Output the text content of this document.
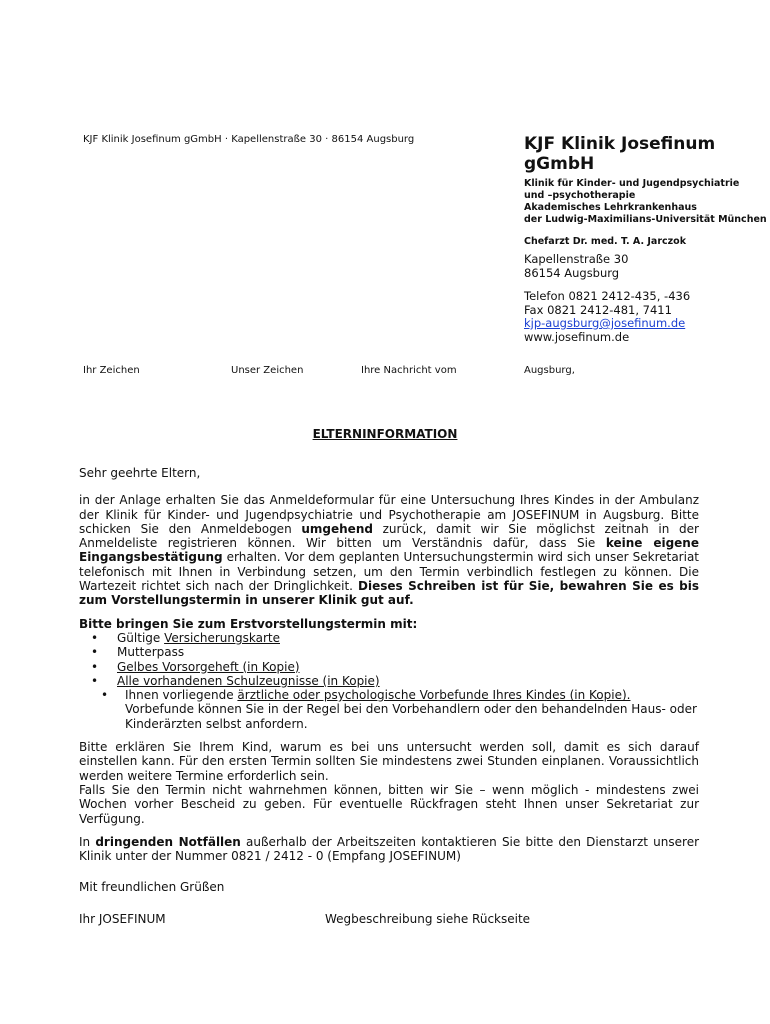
KJF Klinik Josefinum gGmbH · Kapellenstraße 30 · 86154 Augsburg	KJF Klinik Josefinum
gGmbH
Klinik für Kinder- und Jugendpsychiatrie
und –psychotherapie
Akademisches Lehrkrankenhaus
der Ludwig-Maximilians-Universität München
Chefarzt Dr. med. T. A. Jarczok
Kapellenstraße 30
86154 Augsburg
Telefon 0821 2412-435, -436
Fax 0821 2412-481, 7411
kjp-augsburg@josefinum.de
www.josefinum.de
Ihr Zeichen	Unser Zeichen	Ihre Nachricht vom	Augsburg,
ELTERNINFORMATION

Sehr geehrte Eltern,

in der Anlage erhalten Sie das Anmeldeformular für eine Untersuchung Ihres Kindes in der Ambulanz der Klinik für Kinder- und Jugendpsychiatrie und Psychotherapie am JOSEFINUM in Augsburg. Bitte schicken Sie den Anmeldebogen umgehend zurück, damit wir Sie möglichst zeitnah in der Anmeldeliste registrieren können. Wir bitten um Verständnis dafür, dass Sie keine eigene Eingangsbestätigung erhalten. Vor dem geplanten Untersuchungstermin wird sich unser Sekretariat telefonisch mit Ihnen in Verbindung setzen, um den Termin verbindlich festlegen zu können. Die Wartezeit richtet sich nach der Dringlichkeit. Dieses Schreiben ist für Sie, bewahren Sie es bis zum Vorstellungstermin in unserer Klinik gut auf.

Bitte bringen Sie zum Erstvorstellungstermin mit:

• Gültige Versicherungskarte
• Mutterpass
• Gelbes Vorsorgeheft (in Kopie)
• Alle vorhandenen Schulzeugnisse (in Kopie)
• Ihnen vorliegende ärztliche oder psychologische Vorbefunde Ihres Kindes (in Kopie).
Vorbefunde können Sie in der Regel bei den Vorbehandlern oder den behandelnden Haus- oder Kinderärzten selbst anfordern.

Bitte erklären Sie Ihrem Kind, warum es bei uns untersucht werden soll, damit es sich darauf einstellen kann. Für den ersten Termin sollten Sie mindestens zwei Stunden einplanen. Voraussichtlich werden weitere Termine erforderlich sein.

Falls Sie den Termin nicht wahrnehmen können, bitten wir Sie – wenn möglich - mindestens zwei Wochen vorher Bescheid zu geben. Für eventuelle Rückfragen steht Ihnen unser Sekretariat zur Verfügung.

In dringenden Notfällen außerhalb der Arbeitszeiten kontaktieren Sie bitte den Dienstarzt unserer Klinik unter der Nummer 0821 / 2412 - 0 (Empfang JOSEFINUM)

Mit freundlichen Grüßen

Ihr JOSEFINUM	Wegbeschreibung siehe Rückseite
